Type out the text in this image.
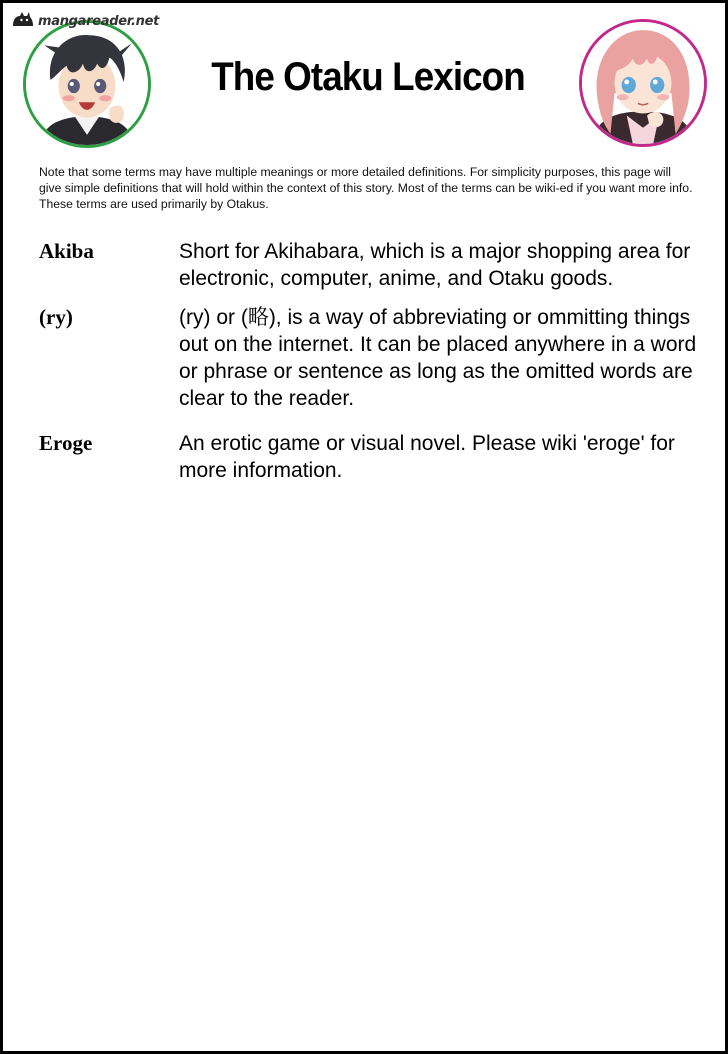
mangareader.net
The Otaku Lexicon
Note that some terms may have multiple meanings or more detailed definitions. For simplicity purposes, this page will give simple definitions that will hold within the context of this story. Most of the terms can be wiki-ed if you want more info. These terms are used primarily by Otakus.
Akiba	Short for Akihabara, which is a major shopping area for electronic, computer, anime, and Otaku goods.
(ry)	(ry) or (略), is a way of abbreviating or ommitting things out on the internet. It can be placed anywhere in a word or phrase or sentence as long as the omitted words are clear to the reader.
Eroge	An erotic game or visual novel. Please wiki 'eroge' for more information.
